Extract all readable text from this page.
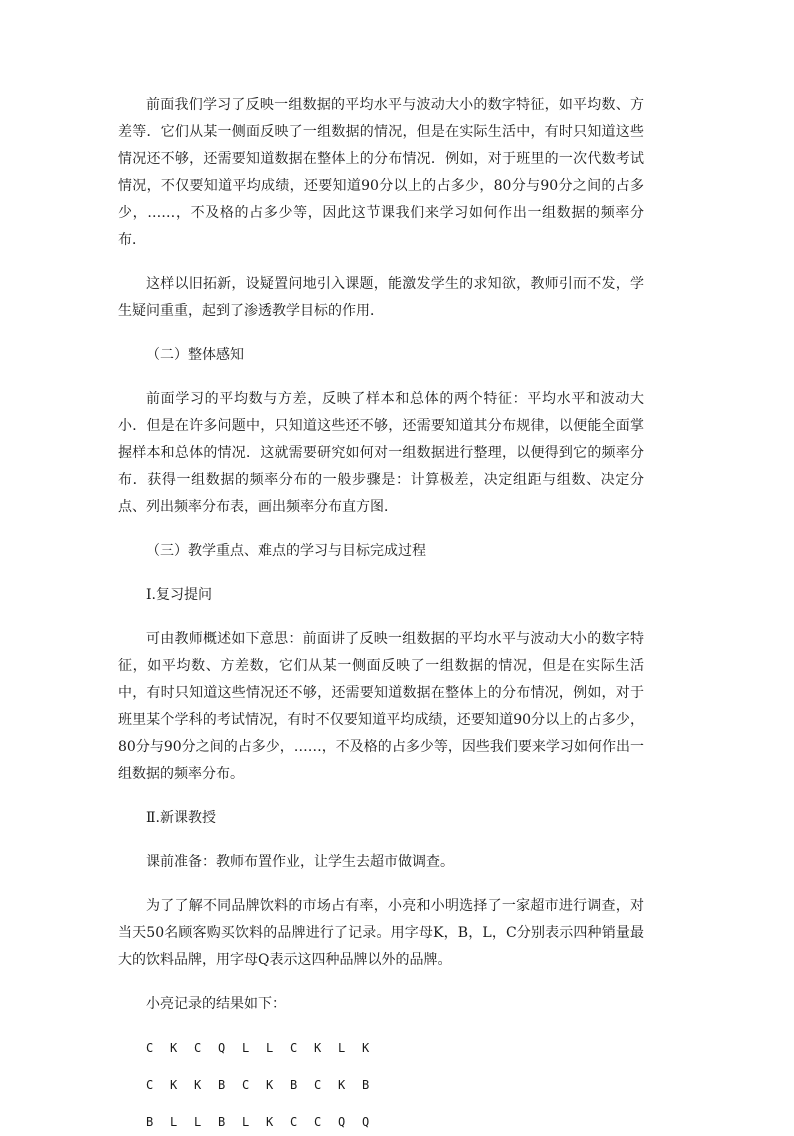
前面我们学习了反映一组数据的平均水平与波动大小的数字特征，如平均数、方差等．它们从某一侧面反映了一组数据的情况，但是在实际生活中，有时只知道这些情况还不够，还需要知道数据在整体上的分布情况．例如，对于班里的一次代数考试情况，不仅要知道平均成绩，还要知道90分以上的占多少，80分与90分之间的占多少，……，不及格的占多少等，因此这节课我们来学习如何作出一组数据的频率分布．

这样以旧拓新，设疑置问地引入课题，能激发学生的求知欲，教师引而不发，学生疑问重重，起到了渗透教学目标的作用．

（二）整体感知

前面学习的平均数与方差，反映了样本和总体的两个特征：平均水平和波动大小．但是在许多问题中，只知道这些还不够，还需要知道其分布规律，以便能全面掌握样本和总体的情况．这就需要研究如何对一组数据进行整理，以便得到它的频率分布．获得一组数据的频率分布的一般步骤是：计算极差，决定组距与组数、决定分点、列出频率分布表，画出频率分布直方图．

（三）教学重点、难点的学习与目标完成过程

Ⅰ.复习提问

可由教师概述如下意思：前面讲了反映一组数据的平均水平与波动大小的数字特征，如平均数、方差数，它们从某一侧面反映了一组数据的情况，但是在实际生活中，有时只知道这些情况还不够，还需要知道数据在整体上的分布情况，例如，对于班里某个学科的考试情况，有时不仅要知道平均成绩，还要知道90分以上的占多少，80分与90分之间的占多少，……，不及格的占多少等，因些我们要来学习如何作出一组数据的频率分布。

Ⅱ.新课教授

课前准备：教师布置作业，让学生去超市做调查。

为了了解不同品牌饮料的市场占有率，小亮和小明选择了一家超市进行调查，对当天50名顾客购买饮料的品牌进行了记录。用字母K，B，L，C分别表示四种销量最大的饮料品牌，用字母Q表示这四种品牌以外的品牌。

小亮记录的结果如下：

C K C Q L L C K L K
C K K B C K B C K B
B L L B L K C C Q Q
